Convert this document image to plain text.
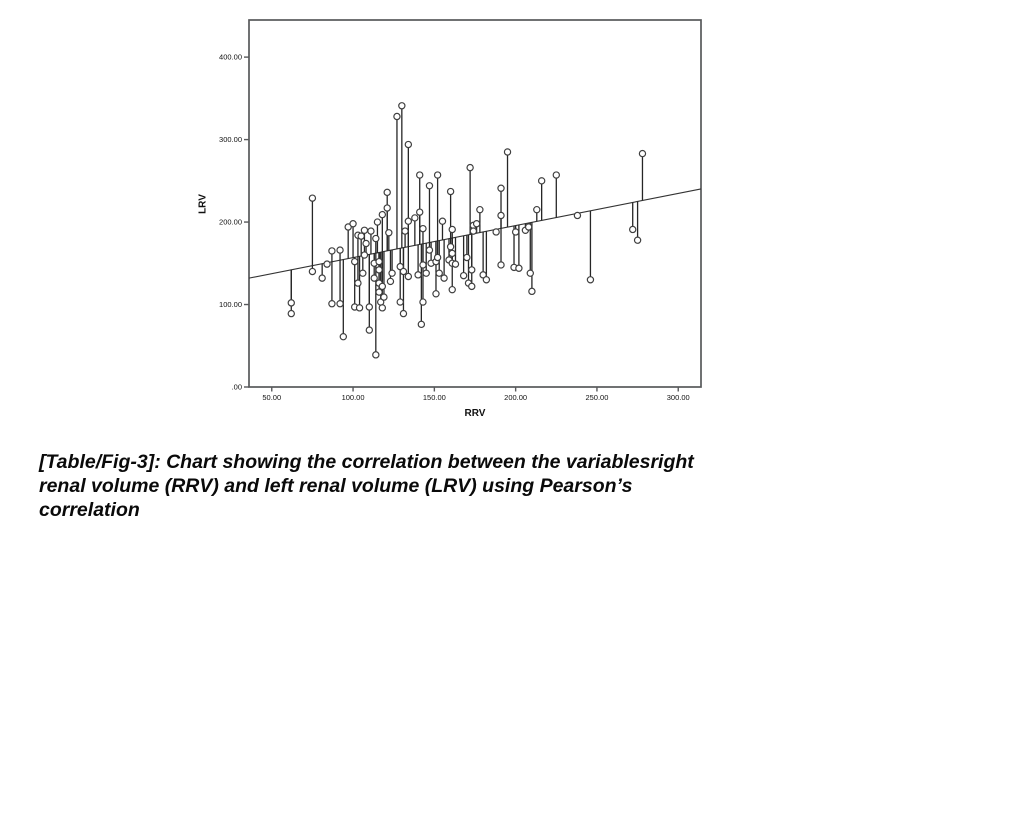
400.00
300.00
200.00
100.00
.00
50.00	100.00	150.00	200.00	250.00	300.00
RRV
LRV
[Table/Fig-3]: Chart showing the correlation between the variablesright
renal volume (RRV) and left renal volume (LRV) using Pearson’s
correlation
